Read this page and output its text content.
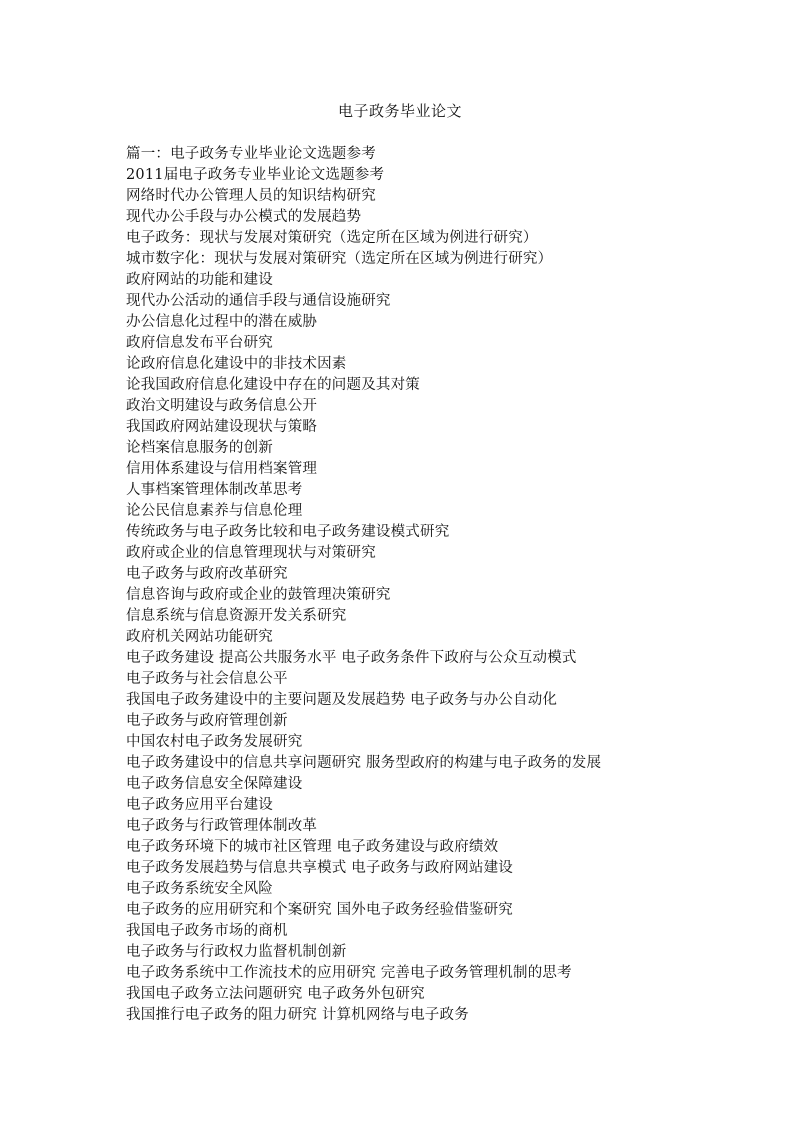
电子政务毕业论文
篇一：电子政务专业毕业论文选题参考
2011届电子政务专业毕业论文选题参考
网络时代办公管理人员的知识结构研究
现代办公手段与办公模式的发展趋势
电子政务：现状与发展对策研究（选定所在区域为例进行研究）
城市数字化：现状与发展对策研究（选定所在区域为例进行研究）
政府网站的功能和建设
现代办公活动的通信手段与通信设施研究
办公信息化过程中的潜在威胁
政府信息发布平台研究
论政府信息化建设中的非技术因素
论我国政府信息化建设中存在的问题及其对策
政治文明建设与政务信息公开
我国政府网站建设现状与策略
论档案信息服务的创新
信用体系建设与信用档案管理
人事档案管理体制改革思考
论公民信息素养与信息伦理
传统政务与电子政务比较和电子政务建设模式研究
政府或企业的信息管理现状与对策研究
电子政务与政府改革研究
信息咨询与政府或企业的鼓管理决策研究
信息系统与信息资源开发关系研究
政府机关网站功能研究
电子政务建设 提高公共服务水平 电子政务条件下政府与公众互动模式
电子政务与社会信息公平
我国电子政务建设中的主要问题及发展趋势 电子政务与办公自动化
电子政务与政府管理创新
中国农村电子政务发展研究
电子政务建设中的信息共享问题研究 服务型政府的构建与电子政务的发展
电子政务信息安全保障建设
电子政务应用平台建设
电子政务与行政管理体制改革
电子政务环境下的城市社区管理 电子政务建设与政府绩效
电子政务发展趋势与信息共享模式 电子政务与政府网站建设
电子政务系统安全风险
电子政务的应用研究和个案研究 国外电子政务经验借鉴研究
我国电子政务市场的商机
电子政务与行政权力监督机制创新
电子政务系统中工作流技术的应用研究 完善电子政务管理机制的思考
我国电子政务立法问题研究 电子政务外包研究
我国推行电子政务的阻力研究 计算机网络与电子政务
